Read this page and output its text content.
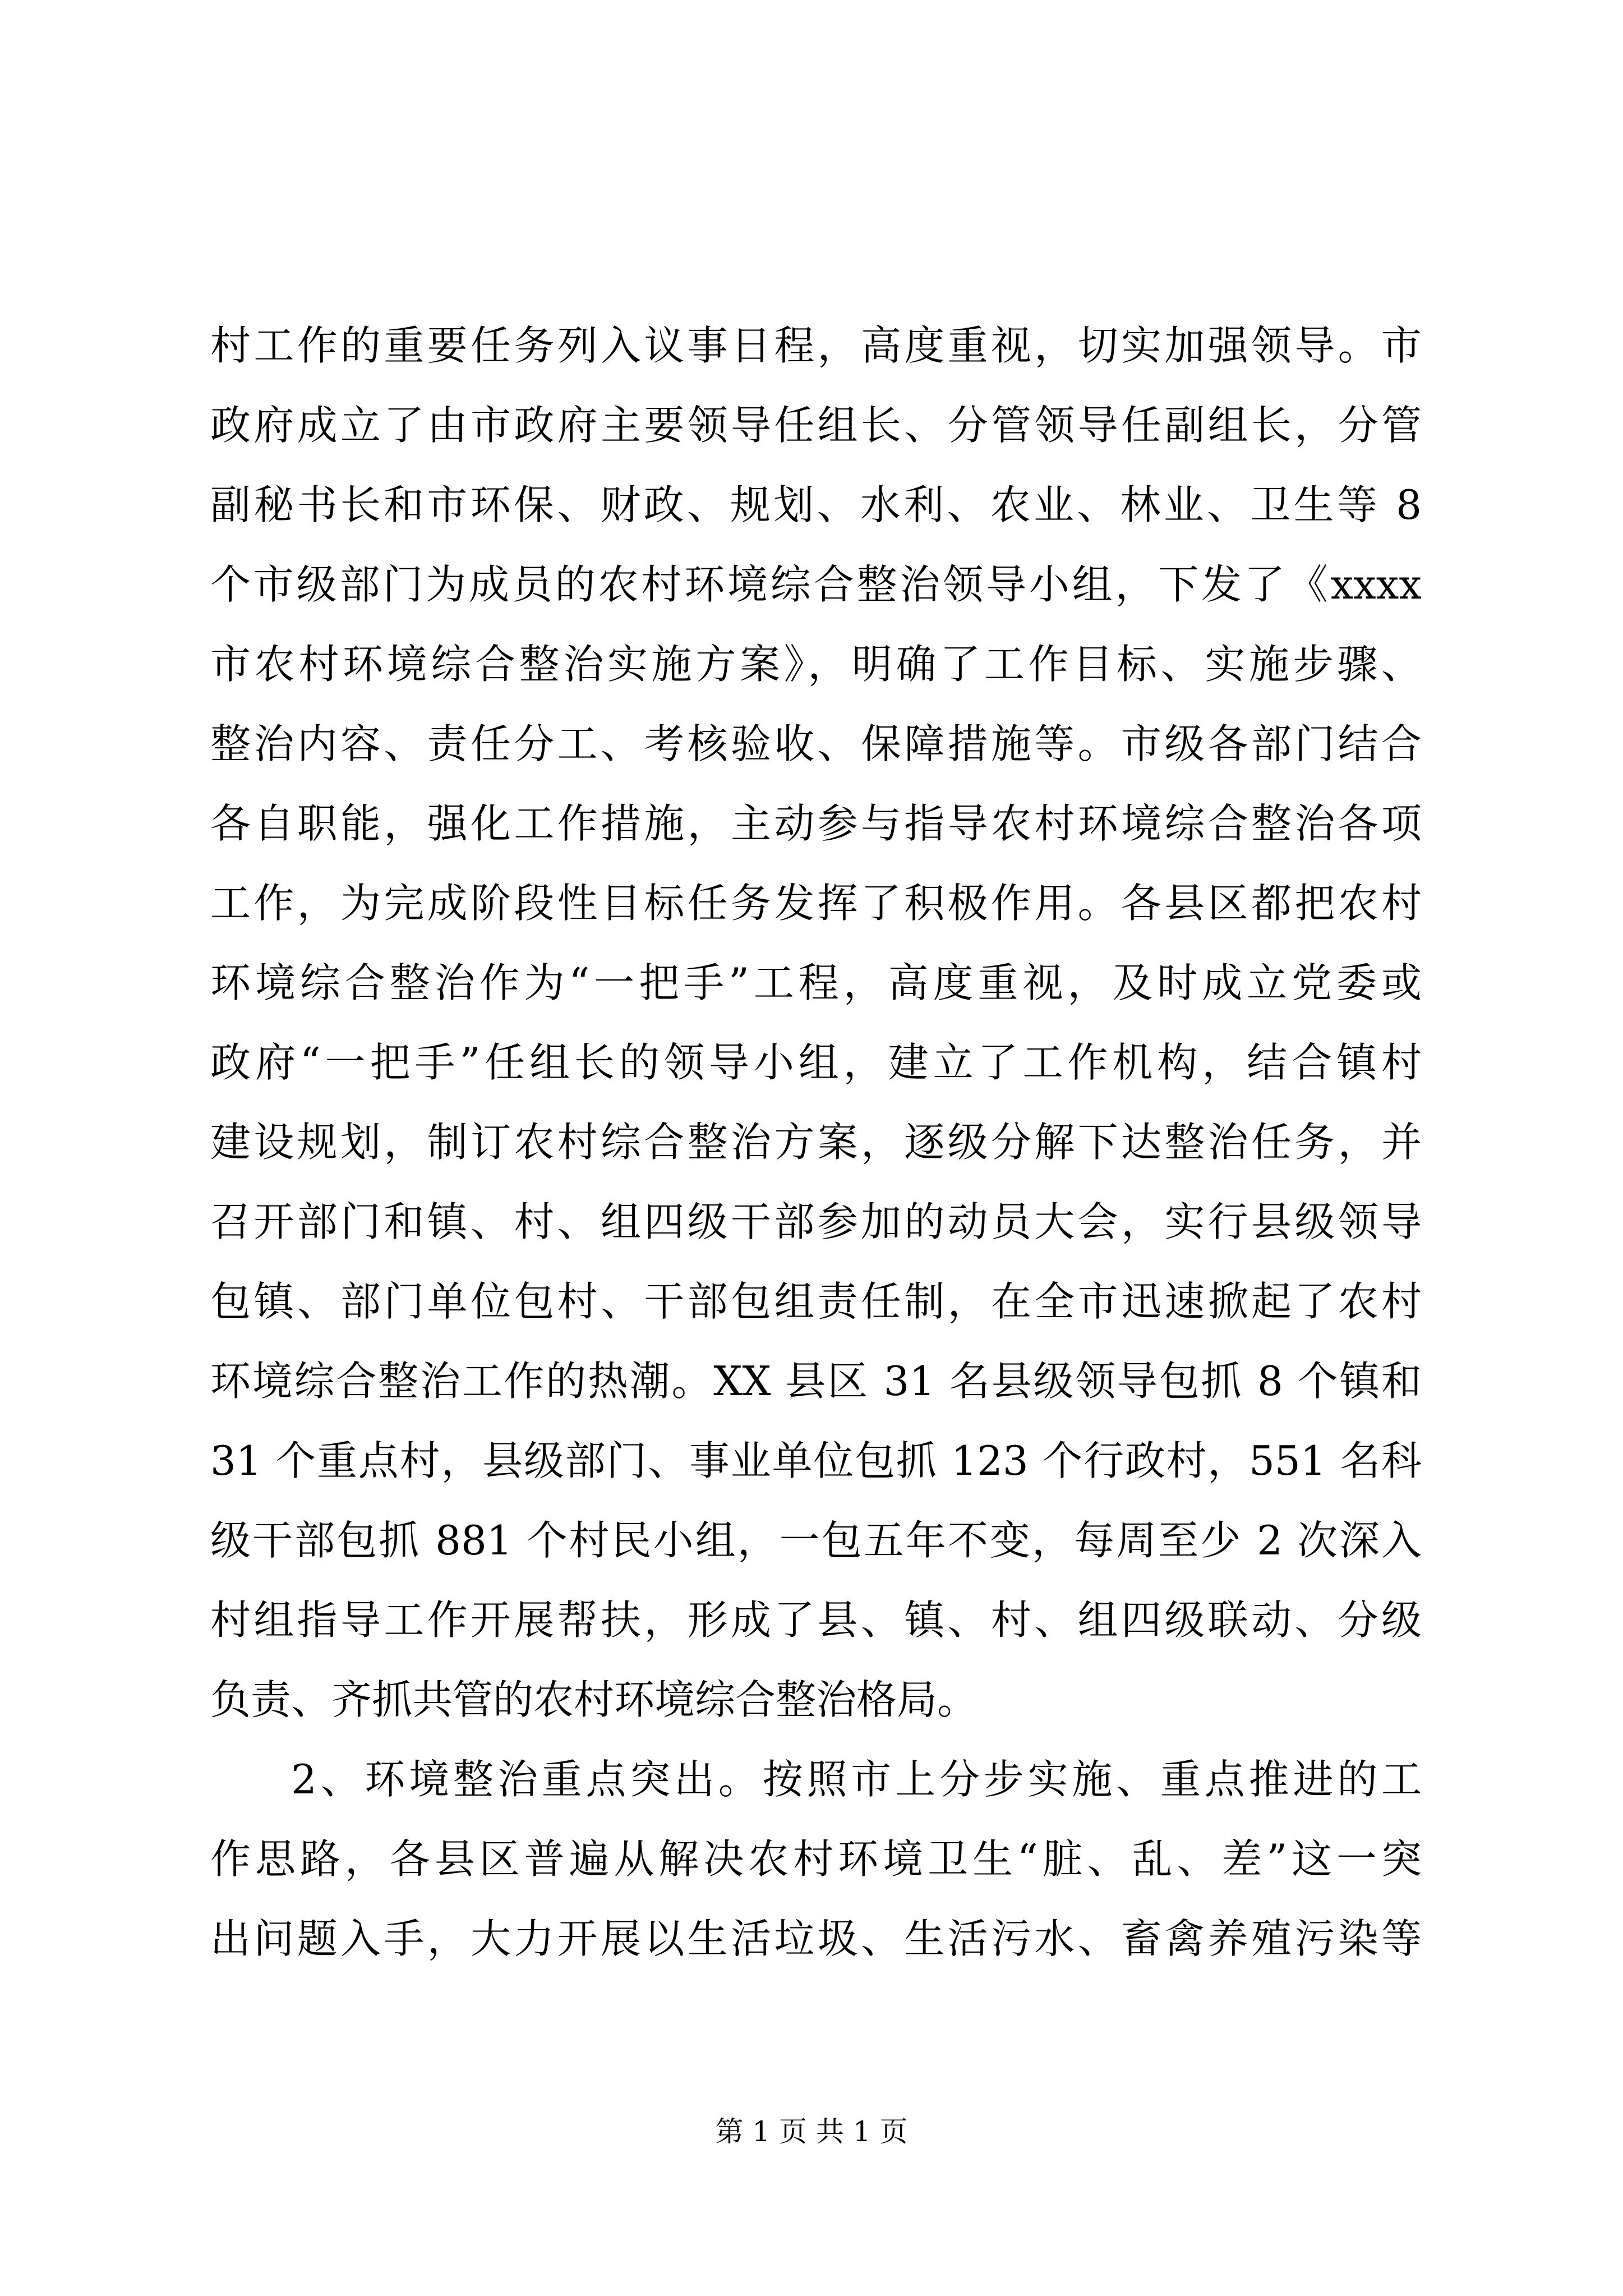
村工作的重要任务列入议事日程，高度重视，切实加强领导。市
政府成立了由市政府主要领导任组长、分管领导任副组长，分管
副秘书长和市环保、财政、规划、水利、农业、林业、卫生等 8
个市级部门为成员的农村环境综合整治领导小组，下发了《xxxx
市农村环境综合整治实施方案》，明确了工作目标、实施步骤、
整治内容、责任分工、考核验收、保障措施等。市级各部门结合
各自职能，强化工作措施，主动参与指导农村环境综合整治各项
工作，为完成阶段性目标任务发挥了积极作用。各县区都把农村
环境综合整治作为“一把手”工程，高度重视，及时成立党委或
政府“一把手”任组长的领导小组，建立了工作机构，结合镇村
建设规划，制订农村综合整治方案，逐级分解下达整治任务，并
召开部门和镇、村、组四级干部参加的动员大会，实行县级领导
包镇、部门单位包村、干部包组责任制，在全市迅速掀起了农村
环境综合整治工作的热潮。XX 县区 31 名县级领导包抓 8 个镇和
31 个重点村，县级部门、事业单位包抓 123 个行政村，551 名科
级干部包抓 881 个村民小组，一包五年不变，每周至少 2 次深入
村组指导工作开展帮扶，形成了县、镇、村、组四级联动、分级
负责、齐抓共管的农村环境综合整治格局。
2、环境整治重点突出。按照市上分步实施、重点推进的工
作思路，各县区普遍从解决农村环境卫生“脏、乱、差”这一突
出问题入手，大力开展以生活垃圾、生活污水、畜禽养殖污染等
第 1 页 共 1 页
